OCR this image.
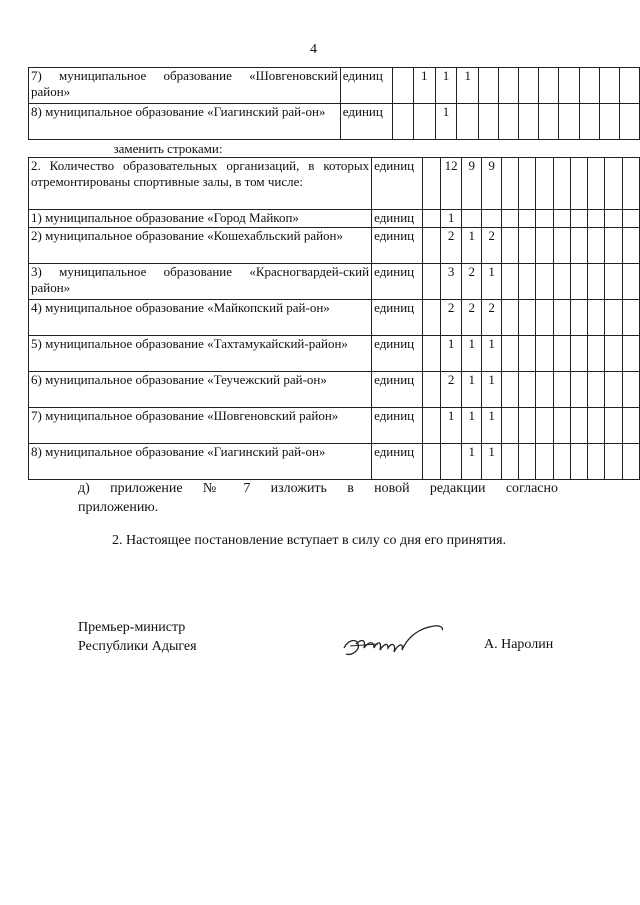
4
7) муниципальное образование «Шовгеновский район»	единиц		1	1	1								
8) муниципальное образование «Гиагинский рай-он»	единиц			1									
заменить строками:													
2. Количество образовательных организаций, в которых отремонтированы спортивные залы, в том числе:	единиц		12	9	9								
1) муниципальное образование «Город Майкоп»	единиц		1										
2) муниципальное образование «Кошехабльский район»	единиц		2	1	2								
3) муниципальное образование «Красногвардей-ский район»	единиц		3	2	1								
4) муниципальное образование «Майкопский рай-он»	единиц		2	2	2								
5) муниципальное образование «Тахтамукайский-район»	единиц		1	1	1								
6) муниципальное образование «Теучежский рай-он»	единиц		2	1	1								
7) муниципальное образование «Шовгеновский район»	единиц		1	1	1								
8) муниципальное образование «Гиагинский рай-он»	единиц			1	1								
д) приложение № 7 изложить в новой редакции согласно
приложению.
2. Настоящее постановление вступает в силу со дня его принятия.
Премьер-министр
Республики Адыгея	А. Наролин
